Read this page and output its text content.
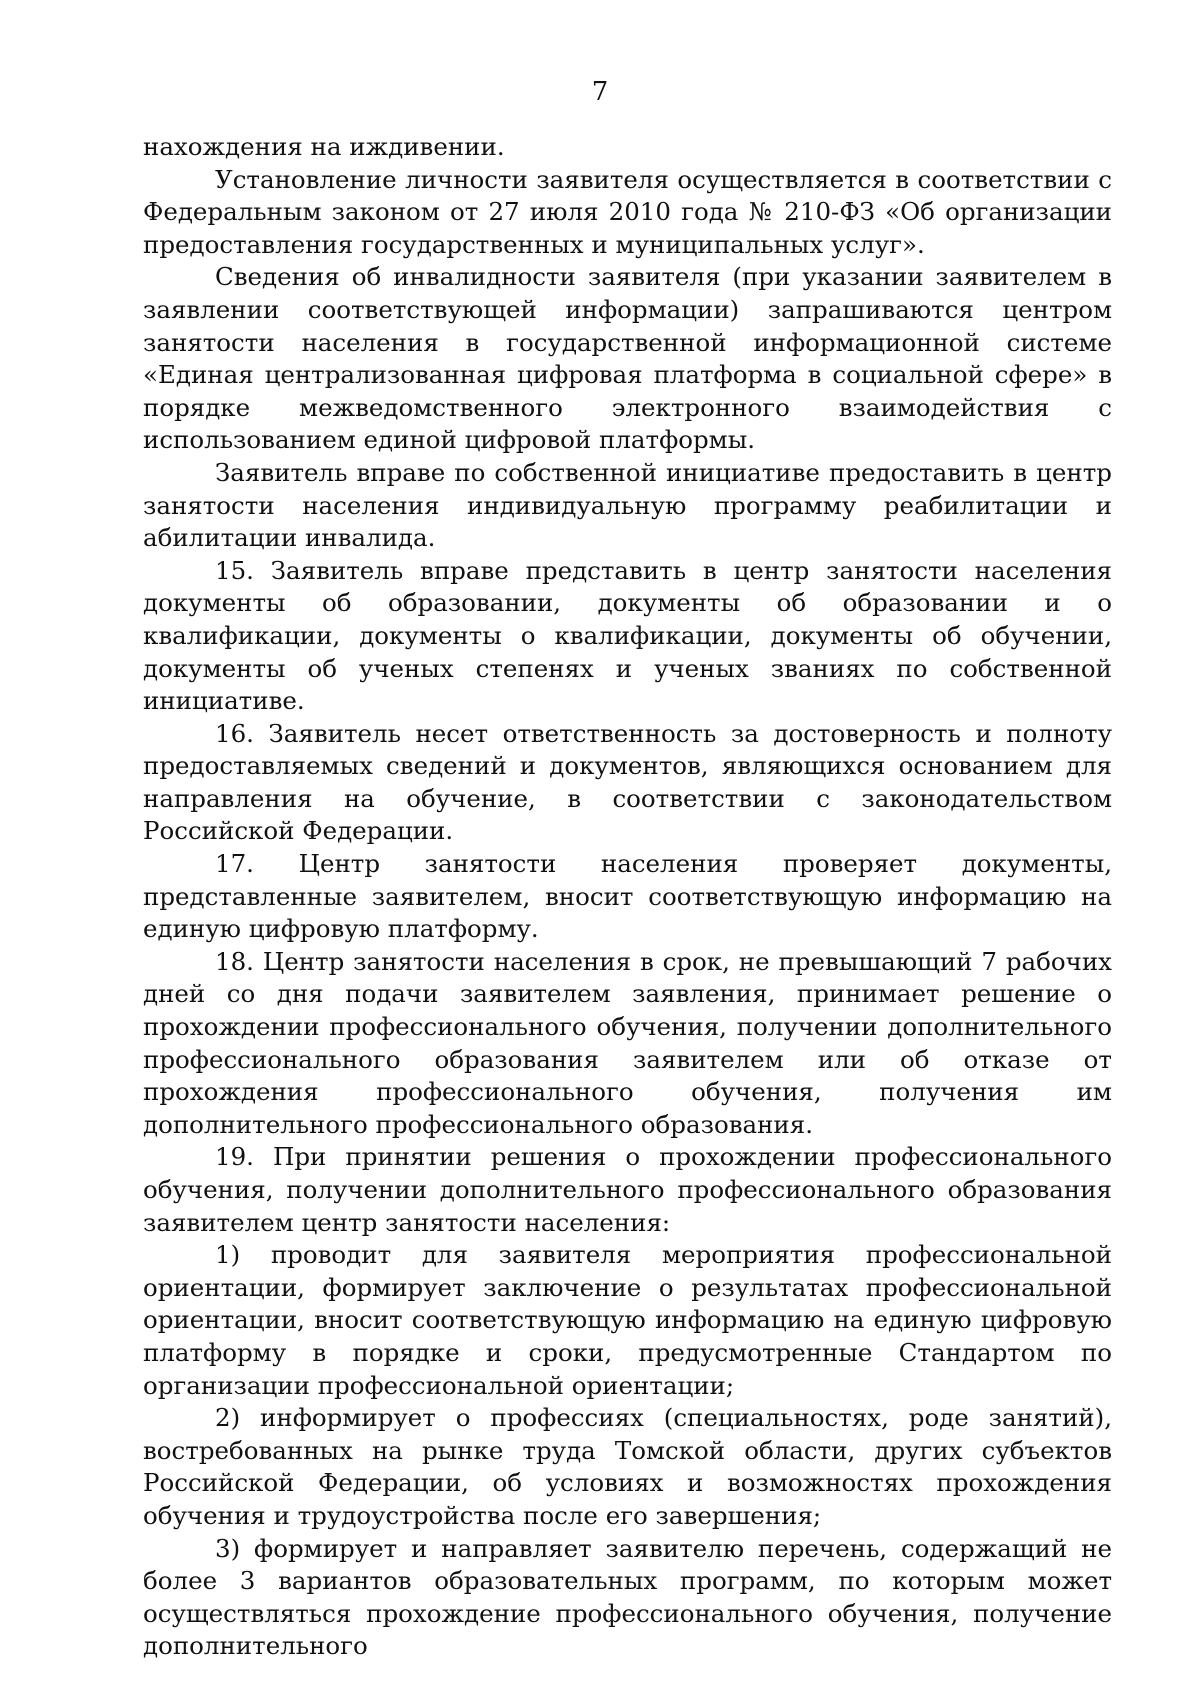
7

нахождения на иждивении.

Установление личности заявителя осуществляется в соответствии с Федеральным законом от 27 июля 2010 года № 210-ФЗ «Об организации предоставления государственных и муниципальных услуг».

Сведения об инвалидности заявителя (при указании заявителем в заявлении соответствующей информации) запрашиваются центром занятости населения в государственной информационной системе «Единая централизованная цифровая платформа в социальной сфере» в порядке межведомственного электронного взаимодействия с использованием единой цифровой платформы.

Заявитель вправе по собственной инициативе предоставить в центр занятости населения индивидуальную программу реабилитации и абилитации инвалида.

15. Заявитель вправе представить в центр занятости населения документы об образовании, документы об образовании и о квалификации, документы о квалификации, документы об обучении, документы об ученых степенях и ученых званиях по собственной инициативе.

16. Заявитель несет ответственность за достоверность и полноту предоставляемых сведений и документов, являющихся основанием для направления на обучение, в соответствии с законодательством Российской Федерации.

17. Центр занятости населения проверяет документы, представленные заявителем, вносит соответствующую информацию на единую цифровую платформу.

18. Центр занятости населения в срок, не превышающий 7 рабочих дней со дня подачи заявителем заявления, принимает решение о прохождении профессионального обучения, получении дополнительного профессионального образования заявителем или об отказе от прохождения профессионального обучения, получения им дополнительного профессионального образования.

19. При принятии решения о прохождении профессионального обучения, получении дополнительного профессионального образования заявителем центр занятости населения:

1) проводит для заявителя мероприятия профессиональной ориентации, формирует заключение о результатах профессиональной ориентации, вносит соответствующую информацию на единую цифровую платформу в порядке и сроки, предусмотренные Стандартом по организации профессиональной ориентации;

2) информирует о профессиях (специальностях, роде занятий), востребованных на рынке труда Томской области, других субъектов Российской Федерации, об условиях и возможностях прохождения обучения и трудоустройства после его завершения;

3) формирует и направляет заявителю перечень, содержащий не более 3 вариантов образовательных программ, по которым может осуществляться прохождение профессионального обучения, получение дополнительного
